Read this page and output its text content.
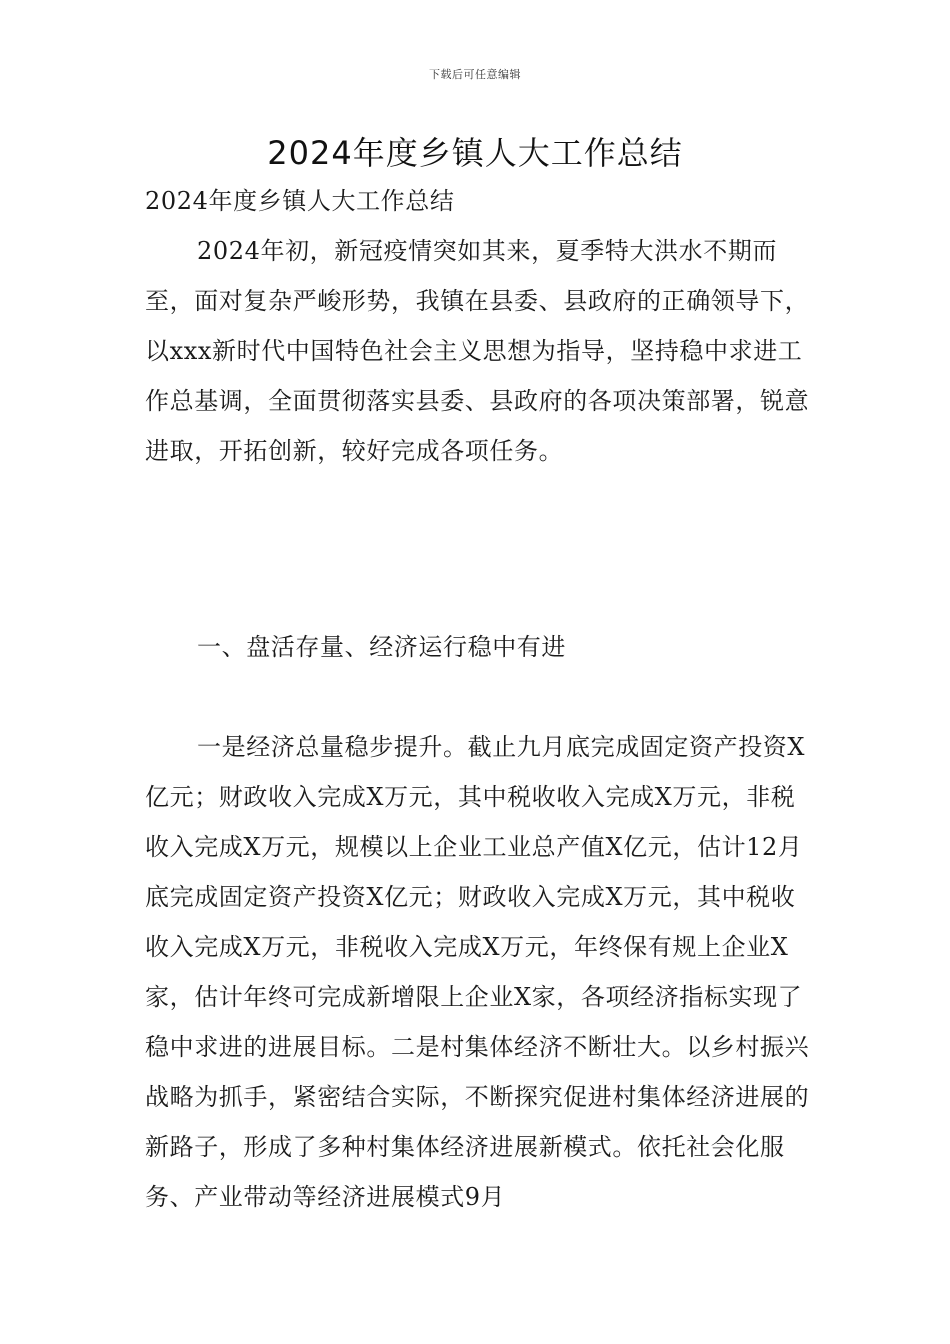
下载后可任意编辑
2024年度乡镇人大工作总结

2024年度乡镇人大工作总结

2024年初，新冠疫情突如其来，夏季特大洪水不期而至，面对复杂严峻形势，我镇在县委、县政府的正确领导下，以xxx新时代中国特色社会主义思想为指导，坚持稳中求进工作总基调，全面贯彻落实县委、县政府的各项决策部署，锐意进取，开拓创新，较好完成各项任务。

一、盘活存量、经济运行稳中有进

一是经济总量稳步提升。截止九月底完成固定资产投资X亿元；财政收入完成X万元，其中税收收入完成X万元，非税收入完成X万元，规模以上企业工业总产值X亿元，估计12月底完成固定资产投资X亿元；财政收入完成X万元，其中税收收入完成X万元，非税收入完成X万元，年终保有规上企业X家，估计年终可完成新增限上企业X家，各项经济指标实现了稳中求进的进展目标。二是村集体经济不断壮大。以乡村振兴战略为抓手，紧密结合实际，不断探究促进村集体经济进展的新路子，形成了多种村集体经济进展新模式。依托社会化服务、产业带动等经济进展模式9月
